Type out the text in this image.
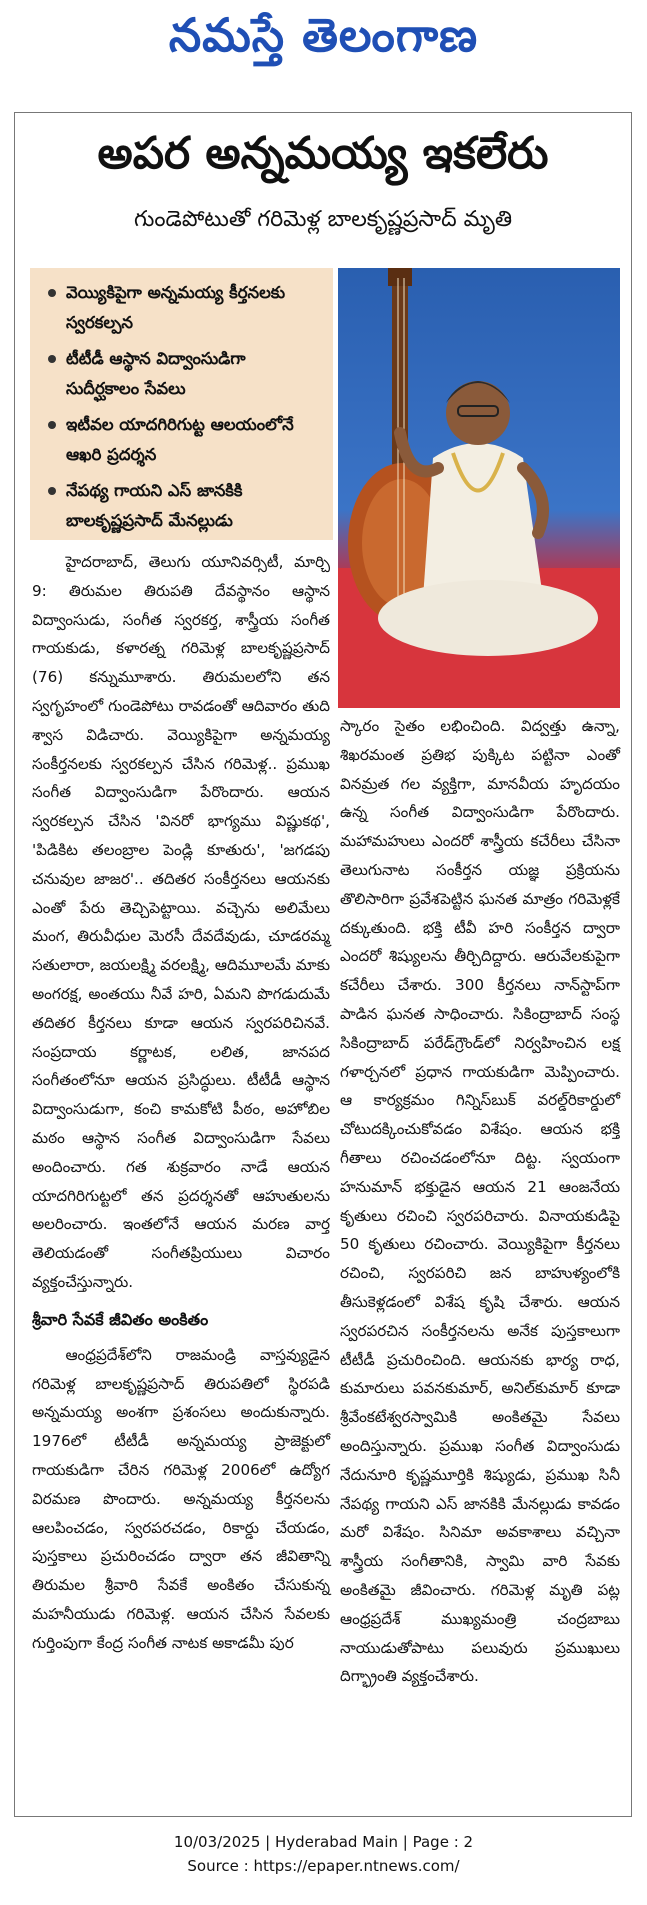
నమస్తే తెలంగాణ
అపర అన్నమయ్య ఇకలేరు
గుండెపోటుతో గరిమెళ్ల బాలకృష్ణప్రసాద్ మృతి
వెయ్యికిపైగా అన్నమయ్య కీర్తనలకు స్వరకల్పన
టీటీడీ ఆస్థాన విద్వాంసుడిగా సుదీర్ఘకాలం సేవలు
ఇటీవల యాదగిరిగుట్ట ఆలయంలోనే ఆఖరి ప్రదర్శన
నేపథ్య గాయని ఎస్ జానకికి బాలకృష్ణప్రసాద్ మేనల్లుడు

హైదరాబాద్, తెలుగు యూనివర్సిటీ, మార్చి 9: తిరుమల తిరుపతి దేవస్థానం ఆస్థాన విద్వాంసుడు, సంగీత స్వరకర్త, శాస్త్రీయ సంగీత గాయకుడు, కళారత్న గరిమెళ్ల బాలకృష్ణప్రసాద్ (76) కన్నుమూశారు. తిరుమలలోని తన స్వగృహంలో గుండెపోటు రావడంతో ఆదివారం తుది శ్వాస విడిచారు. వెయ్యికిపైగా అన్నమయ్య సంకీర్తనలకు స్వరకల్పన చేసిన గరిమెళ్ల.. ప్రముఖ సంగీత విద్వాంసుడిగా పేరొందారు. ఆయన స్వరకల్పన చేసిన 'వినరో భాగ్యము విష్ణుకథ', 'పిడికిట తలంబ్రాల పెండ్లి కూతురు', 'జగడపు చనువుల జాజర'.. తదితర సంకీర్తనలు ఆయనకు ఎంతో పేరు తెచ్చిపెట్టాయి. వచ్చెను అలిమేలు మంగ, తిరువీధుల మెరసీ దేవదేవుడు, చూడరమ్మ సతులారా, జయలక్ష్మి వరలక్ష్మి, ఆదిమూలమే మాకు అంగరక్ష, అంతయు నీవే హరి, ఏమని పొగడుదుమే తదితర కీర్తనలు కూడా ఆయన స్వరపరిచినవే. సంప్రదాయ కర్ణాటక, లలిత, జానపద సంగీతంలోనూ ఆయన ప్రసిద్ధులు. టీటీడీ ఆస్థాన విద్వాంసుడుగా, కంచి కామకోటి పీఠం, అహోబిల మఠం ఆస్థాన సంగీత విద్వాంసుడిగా సేవలు అందించారు. గత శుక్రవారం నాడే ఆయన యాదగిరిగుట్టలో తన ప్రదర్శనతో ఆహుతులను అలరించారు. ఇంతలోనే ఆయన మరణ వార్త తెలియడంతో సంగీతప్రియులు విచారం వ్యక్తంచేస్తున్నారు.

శ్రీవారి సేవకే జీవితం అంకితం

ఆంధ్రప్రదేశ్‌లోని రాజమండ్రి వాస్తవ్యుడైన గరిమెళ్ల బాలకృష్ణప్రసాద్ తిరుపతిలో స్థిరపడి అన్నమయ్య అంశగా ప్రశంసలు అందుకున్నారు. 1976లో టీటీడీ అన్నమయ్య ప్రాజెక్టులో గాయకుడిగా చేరిన గరిమెళ్ల 2006లో ఉద్యోగ విరమణ పొందారు. అన్నమయ్య కీర్తనలను ఆలపించడం, స్వరపరచడం, రికార్డు చేయడం, పుస్తకాలు ప్రచురించడం ద్వారా తన జీవితాన్ని తిరుమల శ్రీవారి సేవకే అంకితం చేసుకున్న మహనీయుడు గరిమెళ్ల. ఆయన చేసిన సేవలకు గుర్తింపుగా కేంద్ర సంగీత నాటక అకాడమీ పుర

స్కారం సైతం లభించింది. విద్వత్తు ఉన్నా, శిఖరమంత ప్రతిభ పుక్కిట పట్టినా ఎంతో వినమ్రత గల వ్యక్తిగా, మానవీయ హృదయం ఉన్న సంగీత విద్వాంసుడిగా పేరొందారు. మహామహులు ఎందరో శాస్త్రీయ కచేరీలు చేసినా తెలుగునాట సంకీర్తన యజ్ఞ ప్రక్రియను తొలిసారిగా ప్రవేశపెట్టిన ఘనత మాత్రం గరిమెళ్లకే దక్కుతుంది. భక్తి టీవీ హరి సంకీర్తన ద్వారా ఎందరో శిష్యులను తీర్చిదిద్దారు. ఆరువేలకుపైగా కచేరీలు చేశారు. 300 కీర్తనలు నాన్‌స్టాప్‌గా పాడిన ఘనత సాధించారు. సికింద్రాబాద్ సంస్థ సికింద్రాబాద్ పరేడ్‌గ్రౌండ్‌లో నిర్వహించిన లక్ష గళార్చనలో ప్రధాన గాయకుడిగా మెప్పించారు. ఆ కార్యక్రమం గిన్నిస్‌బుక్ వరల్డ్‌రికార్డులో చోటుదక్కించుకోవడం విశేషం. ఆయన భక్తి గీతాలు రచించడంలోనూ దిట్ట. స్వయంగా హనుమాన్ భక్తుడైన ఆయన 21 ఆంజనేయ కృతులు రచించి స్వరపరిచారు. వినాయకుడిపై 50 కృతులు రచించారు. వెయ్యికిపైగా కీర్తనలు రచించి, స్వరపరిచి జన బాహుళ్యంలోకి తీసుకెళ్లడంలో విశేష కృషి చేశారు. ఆయన స్వరపరచిన సంకీర్తనలను అనేక పుస్తకాలుగా టీటీడీ ప్రచురించింది. ఆయనకు భార్య రాధ, కుమారులు పవనకుమార్, అనిల్‌కుమార్ కూడా శ్రీవేంకటేశ్వరస్వామికి అంకితమై సేవలు అందిస్తున్నారు. ప్రముఖ సంగీత విద్వాంసుడు నేదునూరి కృష్ణమూర్తికి శిష్యుడు, ప్రముఖ సినీ నేపథ్య గాయని ఎస్ జానకికి మేనల్లుడు కావడం మరో విశేషం. సినిమా అవకాశాలు వచ్చినా శాస్త్రీయ సంగీతానికి, స్వామి వారి సేవకు అంకితమై జీవించారు. గరిమెళ్ల మృతి పట్ల ఆంధ్రప్రదేశ్ ముఖ్యమంత్రి చంద్రబాబు నాయుడుతోపాటు పలువురు ప్రముఖులు దిగ్భ్రాంతి వ్యక్తంచేశారు.

10/03/2025 | Hyderabad Main | Page : 2
Source : https://epaper.ntnews.com/
